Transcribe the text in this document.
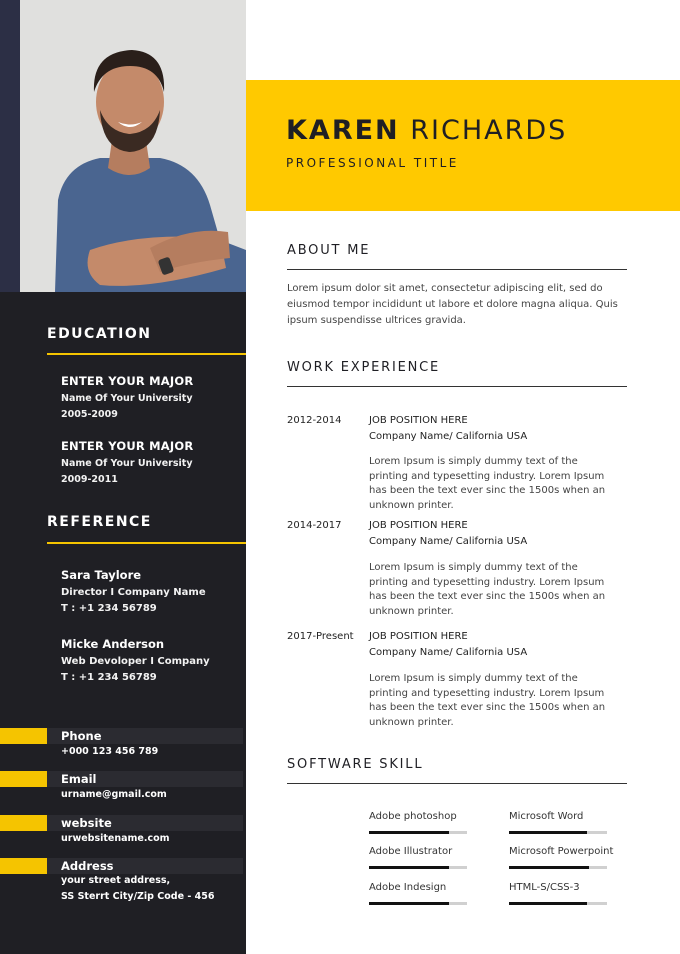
EDUCATION
ENTER YOUR MAJOR
Name Of Your University
2005-2009
ENTER YOUR MAJOR
Name Of Your University
2009-2011
REFERENCE
Sara Taylore
Director I Company Name
T : +1 234 56789
Micke Anderson
Web Devoloper I Company
T : +1 234 56789
Phone
+000 123 456 789
Email
urname@gmail.com
website
urwebsitename.com
Address
your street address,
SS Sterrt City/Zip Code - 456
KAREN RICHARDS
PROFESSIONAL TITLE
ABOUT ME
Lorem ipsum dolor sit amet, consectetur adipiscing elit, sed do eiusmod tempor incididunt ut labore et dolore magna aliqua. Quis ipsum suspendisse ultrices gravida.
WORK EXPERIENCE
2012-2014	JOB POSITION HERE
Company Name/ California USA
Lorem Ipsum is simply dummy text of the printing and typesetting industry. Lorem Ipsum has been the text ever sinc the 1500s when an unknown printer.
2014-2017	JOB POSITION HERE
Company Name/ California USA
Lorem Ipsum is simply dummy text of the printing and typesetting industry. Lorem Ipsum has been the text ever sinc the 1500s when an unknown printer.
2017-Present JOB POSITION HERE
Company Name/ California USA
Lorem Ipsum is simply dummy text of the printing and typesetting industry. Lorem Ipsum has been the text ever sinc the 1500s when an unknown printer.
SOFTWARE SKILL
Adobe photoshop	Microsoft Word
Adobe Illustrator	Microsoft Powerpoint
Adobe Indesign	HTML-S/CSS-3
